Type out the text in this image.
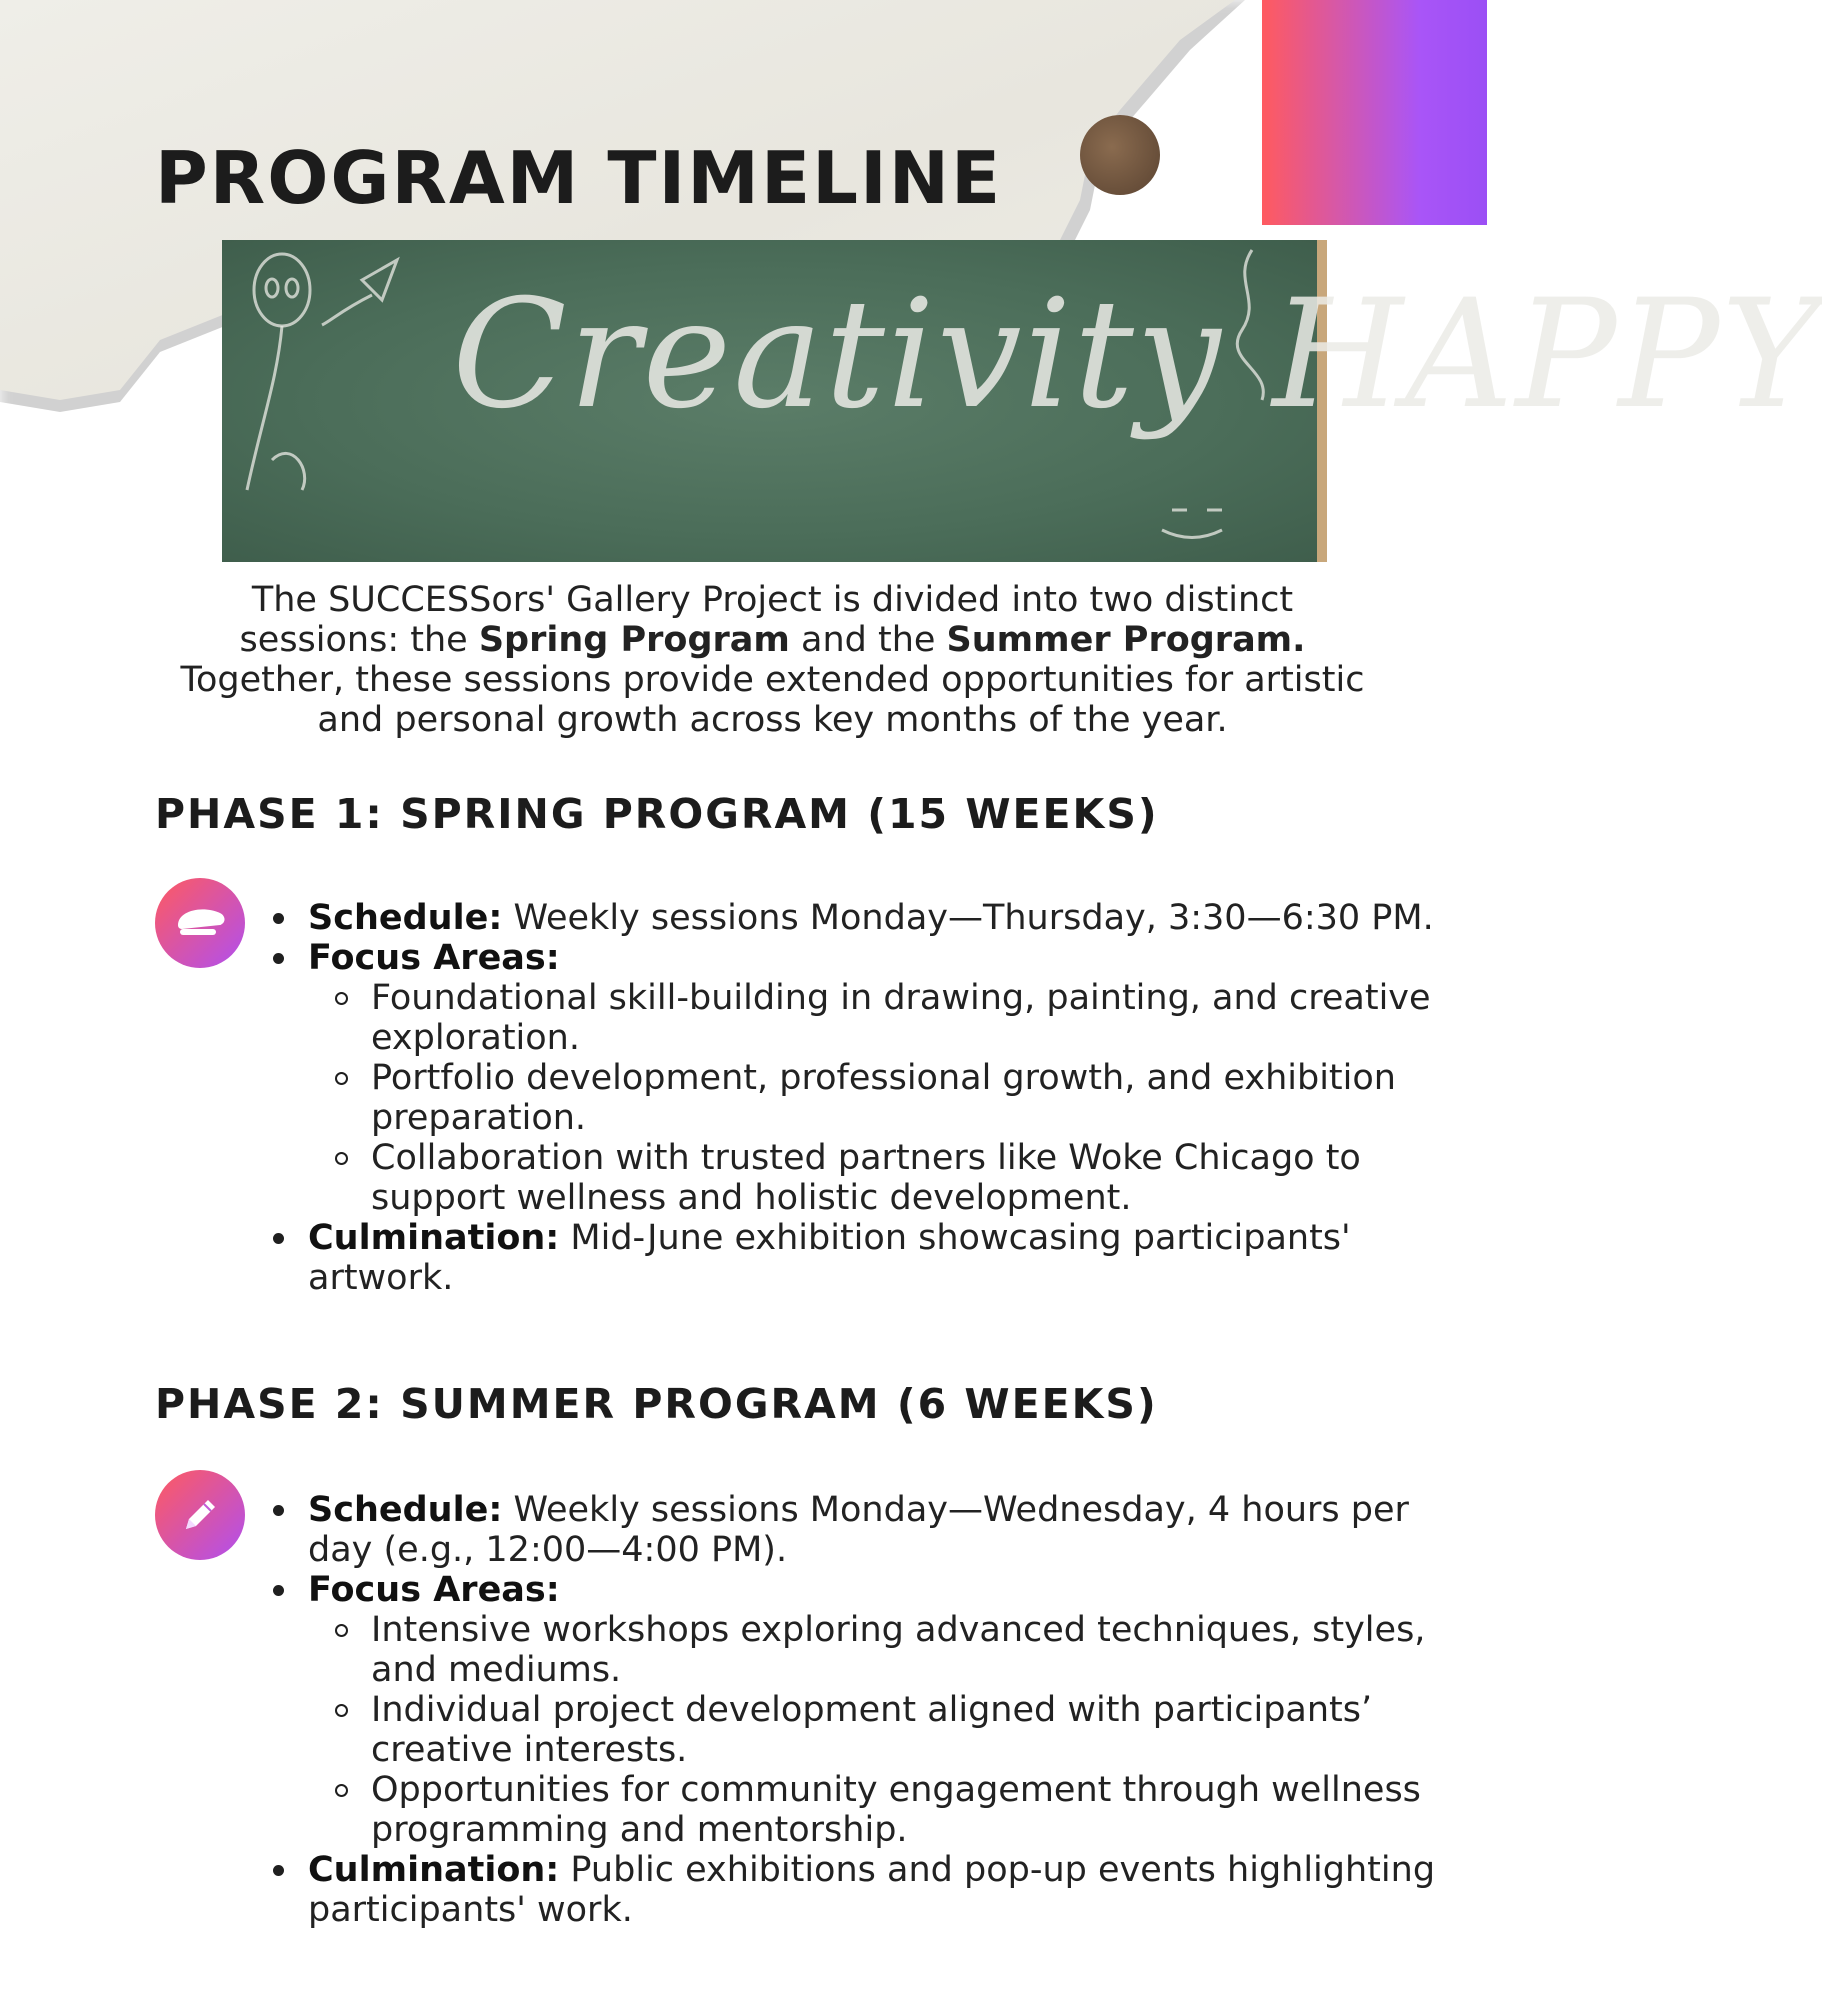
PROGRAM TIMELINE
Creativity HAPPY

The SUCCESSors' Gallery Project is divided into two distinct sessions: the Spring Program and the Summer Program. Together, these sessions provide extended opportunities for artistic and personal growth across key months of the year.

PHASE 1: SPRING PROGRAM (15 WEEKS)
Schedule: Weekly sessions Monday—Thursday, 3:30—6:30 PM.
Focus Areas:
Foundational skill-building in drawing, painting, and creative exploration.
Portfolio development, professional growth, and exhibition preparation.
Collaboration with trusted partners like Woke Chicago to support wellness and holistic development.
Culmination: Mid-June exhibition showcasing participants' artwork.
PHASE 2: SUMMER PROGRAM (6 WEEKS)
Schedule: Weekly sessions Monday—Wednesday, 4 hours per day (e.g., 12:00—4:00 PM).
Focus Areas:
Intensive workshops exploring advanced techniques, styles, and mediums.
Individual project development aligned with participants’ creative interests.
Opportunities for community engagement through wellness programming and mentorship.
Culmination: Public exhibitions and pop-up events highlighting participants' work.
